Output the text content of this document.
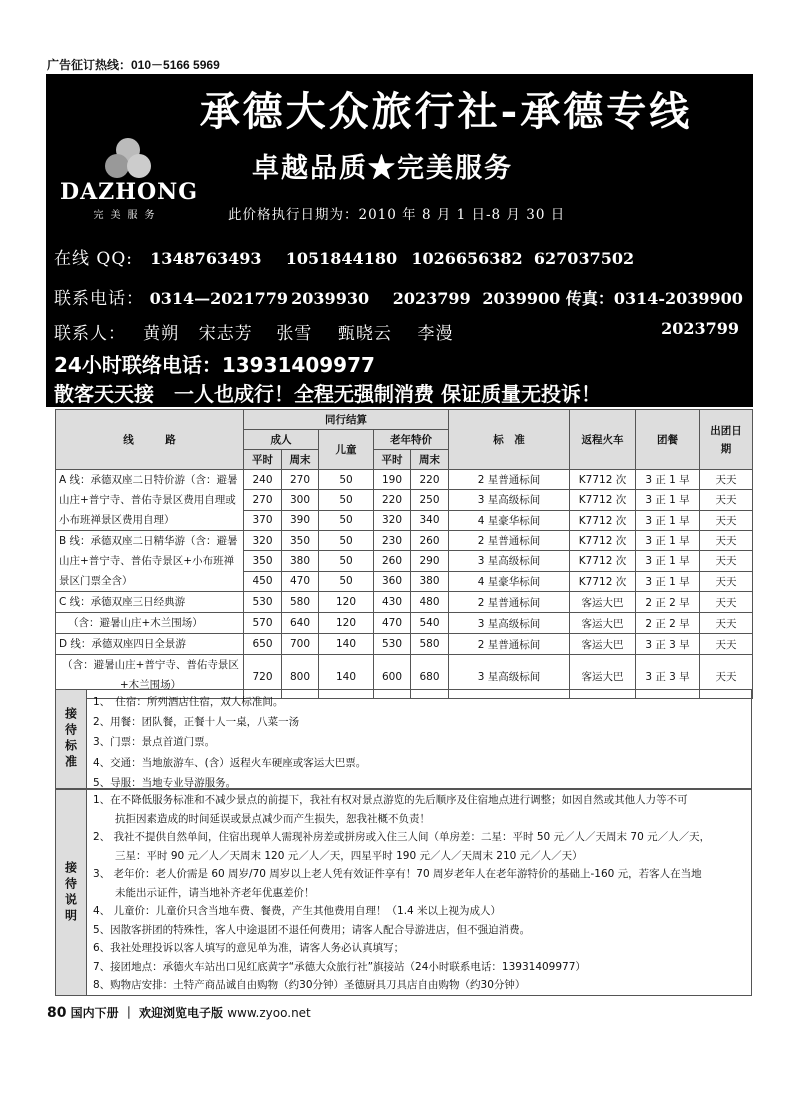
广告征订热线：010－5166 5969
DAZHONG
完美服务
承德大众旅行社-承德专线
卓越品质★完美服务
此价格执行日期为：2010 年 8 月 1 日-8 月 30 日
在线 QQ: 1348763493 1051844180 1026656382 627037502
联系电话： 0314—2021779 2039930 2023799 2039900 传真：0314-2039900
联系人： 黄朔 宋志芳 张雪 甄晓云 李漫	2023799
24小时联络电话：13931409977
散客天天接　一人也成行！全程无强制消费 保证质量无投诉！
线　　　路	同行结算					标　准	返程火车	团餐	出团日期
	成人		儿童	老年特价					
	平时	周末		平时	周末				
A 线：承德双座二日特价游（含：避暑山庄+普宁寺、普佑寺景区费用自理或小布班禅景区费用自理）	240	270	50	190	220	2 星普通标间	K7712 次	3 正 1 早	天天
	270	300	50	220	250	3 星高级标间	K7712 次	3 正 1 早	天天
	370	390	50	320	340	4 星豪华标间	K7712 次	3 正 1 早	天天
B 线：承德双座二日精华游（含：避暑山庄+普宁寺、普佑寺景区+小布班禅景区门票全含）	320	350	50	230	260	2 星普通标间	K7712 次	3 正 1 早	天天
	350	380	50	260	290	3 星高级标间	K7712 次	3 正 1 早	天天
	450	470	50	360	380	4 星豪华标间	K7712 次	3 正 1 早	天天
C 线：承德双座三日经典游	530	580	120	430	480	2 星普通标间	客运大巴	2 正 2 早	天天
（含：避暑山庄+木兰围场）	570	640	120	470	540	3 星高级标间	客运大巴	2 正 2 早	天天
D 线：承德双座四日全景游	650	700	140	530	580	2 星普通标间	客运大巴	3 正 3 早	天天
（含：避暑山庄+普宁寺、普佑寺景区+木兰围场）	720	800	140	600	680	3 星高级标间	客运大巴	3 正 3 早	天天
接待标准
1、　住宿：所列酒店住宿，双人标准间。
2、用餐：团队餐，正餐十人一桌，八菜一汤
3、门票：景点首道门票。
4、交通：当地旅游车、(含）返程火车硬座或客运大巴票。
5、导服：当地专业导游服务。
接待说明
1、在不降低服务标准和不减少景点的前提下，我社有权对景点游览的先后顺序及住宿地点进行调整；如因自然或其他人力等不可
抗拒因素造成的时间延误或景点减少而产生损失，恕我社概不负责！
2、 我社不提供自然单间，住宿出现单人需现补房差或拼房或入住三人间（单房差：二星：平时 50 元／人／天周末 70 元／人／天，
三星：平时 90 元／人／天周末 120 元／人／天，四星平时 190 元／人／天周末 210 元／人／天）
3、 老年价：老人价需是 60 周岁/70 周岁以上老人凭有效证件享有！70 周岁老年人在老年游特价的基础上-160 元，若客人在当地
未能出示证件，请当地补齐老年优惠差价！
4、 儿童价：儿童价只含当地车费、餐费，产生其他费用自理！（1.4 米以上视为成人）
5、因散客拼团的特殊性，客人中途退团不退任何费用；请客人配合导游进店，但不强迫消费。
6、我社处理投诉以客人填写的意见单为准，请客人务必认真填写；
7、接团地点：承德火车站出口见红底黄字“承德大众旅行社”旗接站（24小时联系电话：13931409977）
8、购物店安排：土特产商品诚自由购物（约30分钟）圣德厨具刀具店自由购物（约30分钟）
80 国内下册 ｜ 欢迎浏览电子版 www.zyoo.net
